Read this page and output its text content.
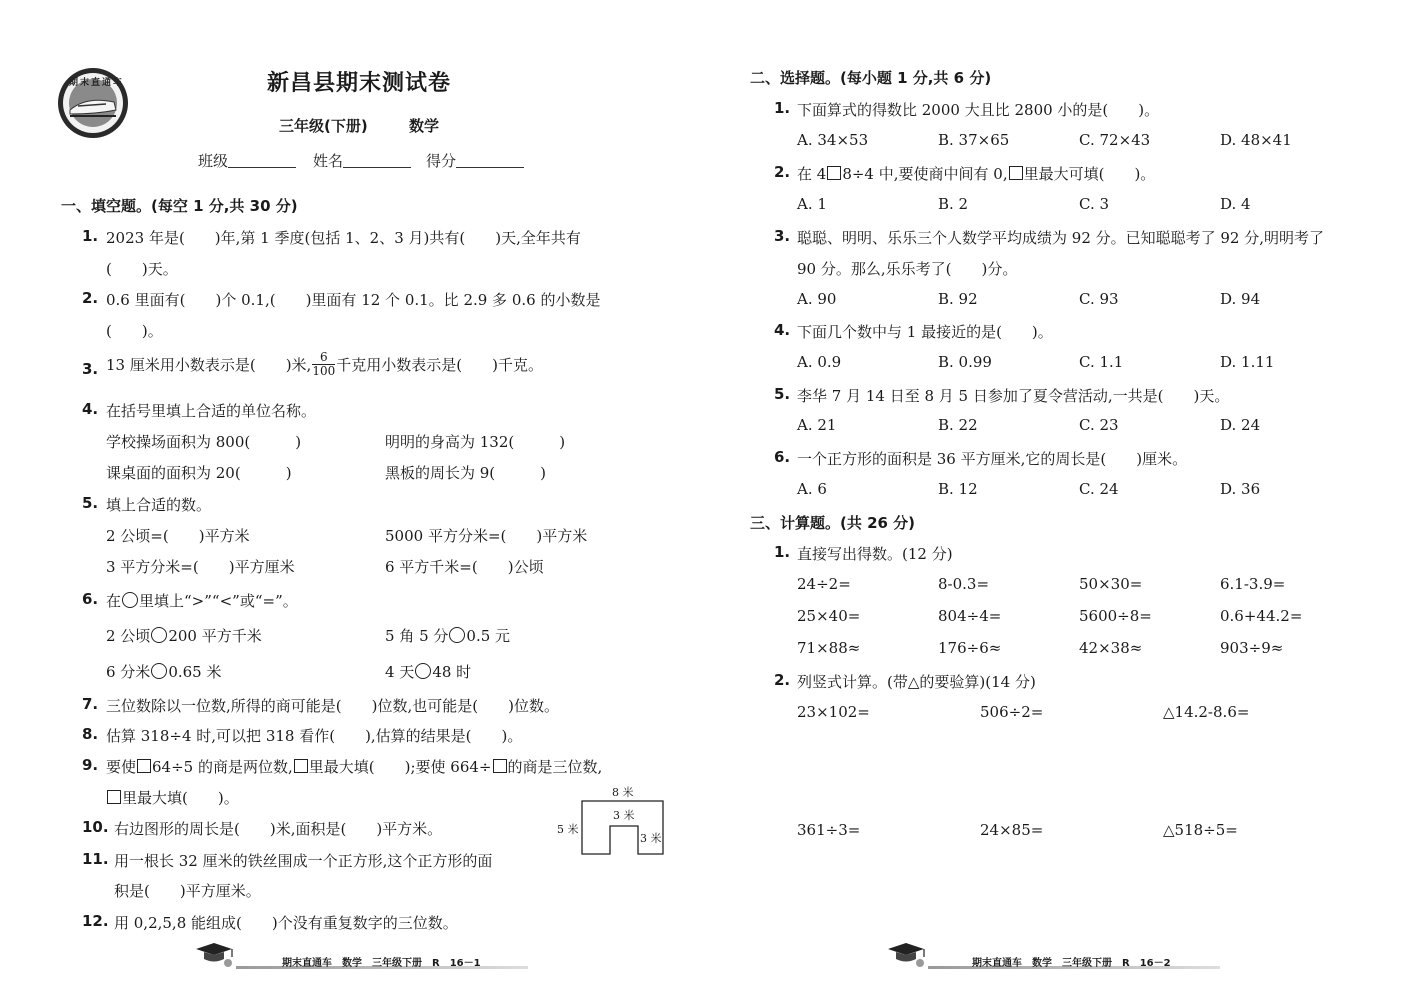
期末直通车	新昌县期末测试卷
三年级(下册)	数学
班级	姓名	得分
一、填空题。(每空 1 分,共 30 分)
1. 2023 年是(　　)年,第 1 季度(包括 1、2、3 月)共有(　　)天,全年共有
(　　)天。
2. 0.6 里面有(　　)个 0.1,(　　)里面有 12 个 0.1。比 2.9 多 0.6 的小数是
(　　)。
3. 13 厘米用小数表示是(　　)米, $\frac{6}{100}$ 千克用小数表示是(　　)千克。
4. 在括号里填上合适的单位名称。
学校操场面积为 800(　　　)	明明的身高为 132(　　　)
课桌面的面积为 20(　　　)	黑板的周长为 9(　　　)
5. 填上合适的数。
2 公顷=(　　)平方米	5000 平方分米=(　　)平方米
3 平方分米=(　　)平方厘米	6 平方千米=(　　)公顷
6. 在 里填上“>”“<”或“=”。
2 公顷 200 平方千米	5 角 5 分 0.5 元
6 分米 0.65 米	4 天 48 时
7. 三位数除以一位数,所得的商可能是(　　)位数,也可能是(　　)位数。
8. 估算 318÷4 时,可以把 318 看作(　　),估算的结果是(　　)。
9. 要使 64÷5 的商是两位数, 里最大填(　　);要使 664÷ 的商是三位数,
里最大填(　　)。
10. 右边图形的周长是(　　)米,面积是(　　)平方米。
8 米
3 米
5 米
3 米
11. 用一根长 32 厘米的铁丝围成一个正方形,这个正方形的面
积是(　　)平方厘米。
12. 用 0,2,5,8 能组成(　　)个没有重复数字的三位数。
期末直通车　数学　三年级下册　R　16－1
二、选择题。(每小题 1 分,共 6 分)
1. 下面算式的得数比 2000 大且比 2800 小的是(　　)。
A. 34×53	B. 37×65	C. 72×43	D. 48×41
2. 在 4 8÷4 中,要使商中间有 0, 里最大可填(　　)。
A. 1	B. 2	C. 3	D. 4
3. 聪聪、明明、乐乐三个人数学平均成绩为 92 分。已知聪聪考了 92 分,明明考了
90 分。那么,乐乐考了(　　)分。
A. 90	B. 92	C. 93	D. 94
4. 下面几个数中与 1 最接近的是(　　)。
A. 0.9	B. 0.99	C. 1.1	D. 1.11
5. 李华 7 月 14 日至 8 月 5 日参加了夏令营活动,一共是(　　)天。
A. 21	B. 22	C. 23	D. 24
6. 一个正方形的面积是 36 平方厘米,它的周长是(　　)厘米。
A. 6	B. 12	C. 24	D. 36
三、计算题。(共 26 分)
1. 直接写出得数。(12 分)
24÷2=	8-0.3=	50×30=	6.1-3.9=
25×40=	804÷4=	5600÷8=	0.6+44.2=
71×88≈	176÷6≈	42×38≈	903÷9≈
2. 列竖式计算。(带△的要验算)(14 分)
23×102=	506÷2=	△14.2-8.6=
361÷3=	24×85=	△518÷5=
期末直通车　数学　三年级下册　R　16－2
